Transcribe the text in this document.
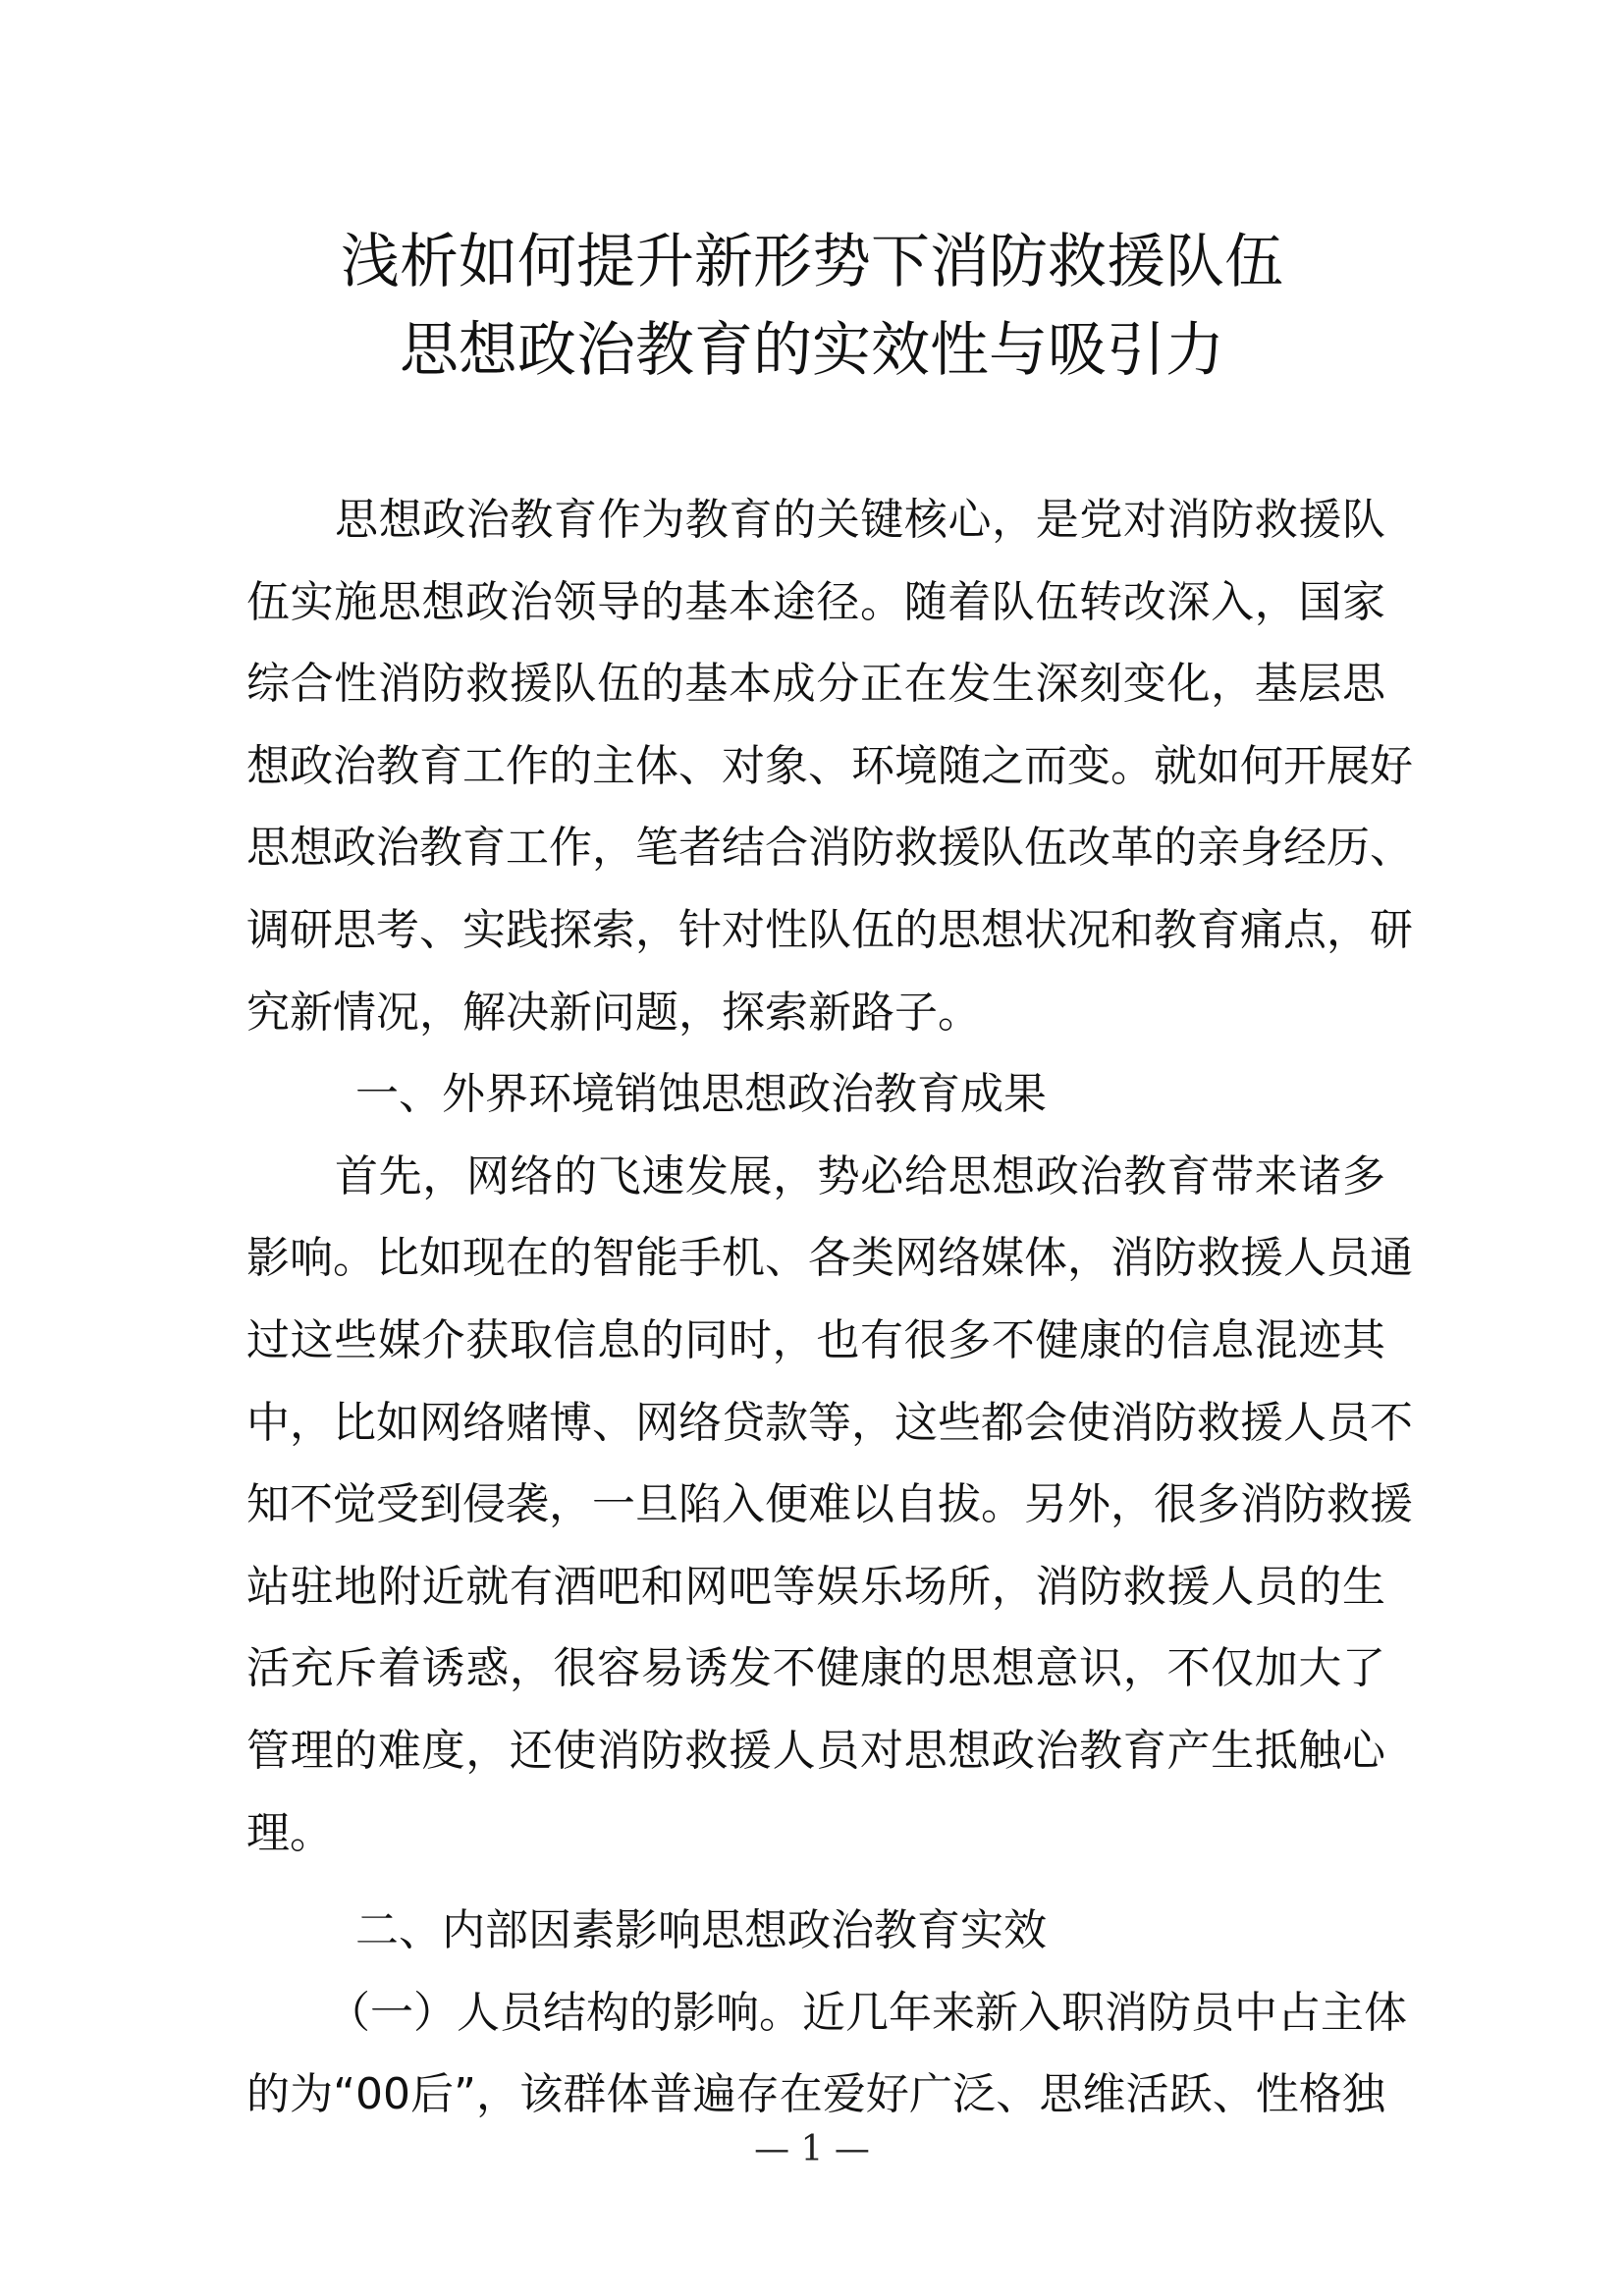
浅析如何提升新形势下消防救援队伍
思想政治教育的实效性与吸引力
思想政治教育作为教育的关键核心，是党对消防救援队
伍实施思想政治领导的基本途径。随着队伍转改深入，国家
综合性消防救援队伍的基本成分正在发生深刻变化，基层思
想政治教育工作的主体、对象、环境随之而变。就如何开展好
思想政治教育工作，笔者结合消防救援队伍改革的亲身经历、
调研思考、实践探索，针对性队伍的思想状况和教育痛点，研
究新情况，解决新问题，探索新路子。
一、外界环境销蚀思想政治教育成果
首先，网络的飞速发展，势必给思想政治教育带来诸多
影响。比如现在的智能手机、各类网络媒体，消防救援人员通
过这些媒介获取信息的同时，也有很多不健康的信息混迹其
中，比如网络赌博、网络贷款等，这些都会使消防救援人员不
知不觉受到侵袭，一旦陷入便难以自拔。另外，很多消防救援
站驻地附近就有酒吧和网吧等娱乐场所，消防救援人员的生
活充斥着诱惑，很容易诱发不健康的思想意识，不仅加大了
管理的难度，还使消防救援人员对思想政治教育产生抵触心
理。
二、内部因素影响思想政治教育实效
（一）人员结构的影响。近几年来新入职消防员中占主体
的为“00后”，该群体普遍存在爱好广泛、思维活跃、性格独
— 1 —
